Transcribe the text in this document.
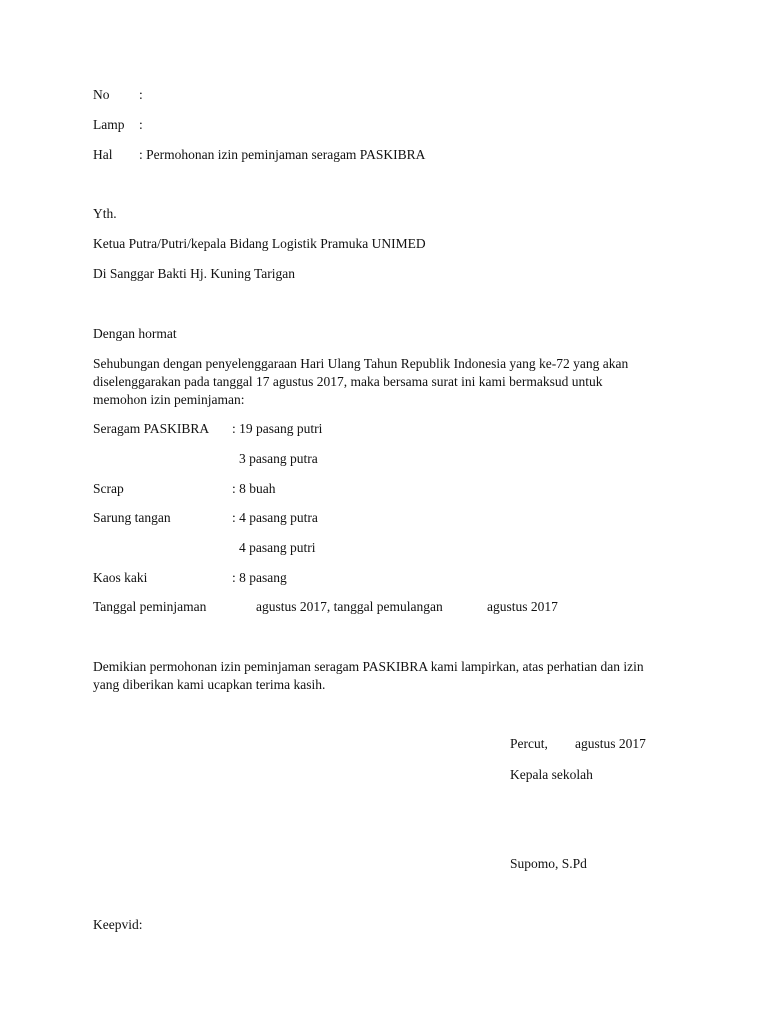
No :
Lamp :
Hal : Permohonan izin peminjaman seragam PASKIBRA
Yth.
Ketua Putra/Putri/kepala Bidang Logistik Pramuka UNIMED
Di Sanggar Bakti Hj. Kuning Tarigan
Dengan hormat
Sehubungan dengan penyelenggaraan Hari Ulang Tahun Republik Indonesia yang ke-72 yang akan
diselenggarakan pada tanggal 17 agustus 2017, maka bersama surat ini kami bermaksud untuk
memohon izin peminjaman:
Seragam PASKIBRA : 19 pasang putri
3 pasang putra
Scrap	: 8 buah
Sarung tangan	: 4 pasang putra
4 pasang putri
Kaos kaki	: 8 pasang
Tanggal peminjaman	agustus 2017, tanggal pemulangan	agustus 2017
Demikian permohonan izin peminjaman seragam PASKIBRA kami lampirkan, atas perhatian dan izin
yang diberikan kami ucapkan terima kasih.
Percut, agustus 2017
Kepala sekolah
Supomo, S.Pd
Keepvid:
